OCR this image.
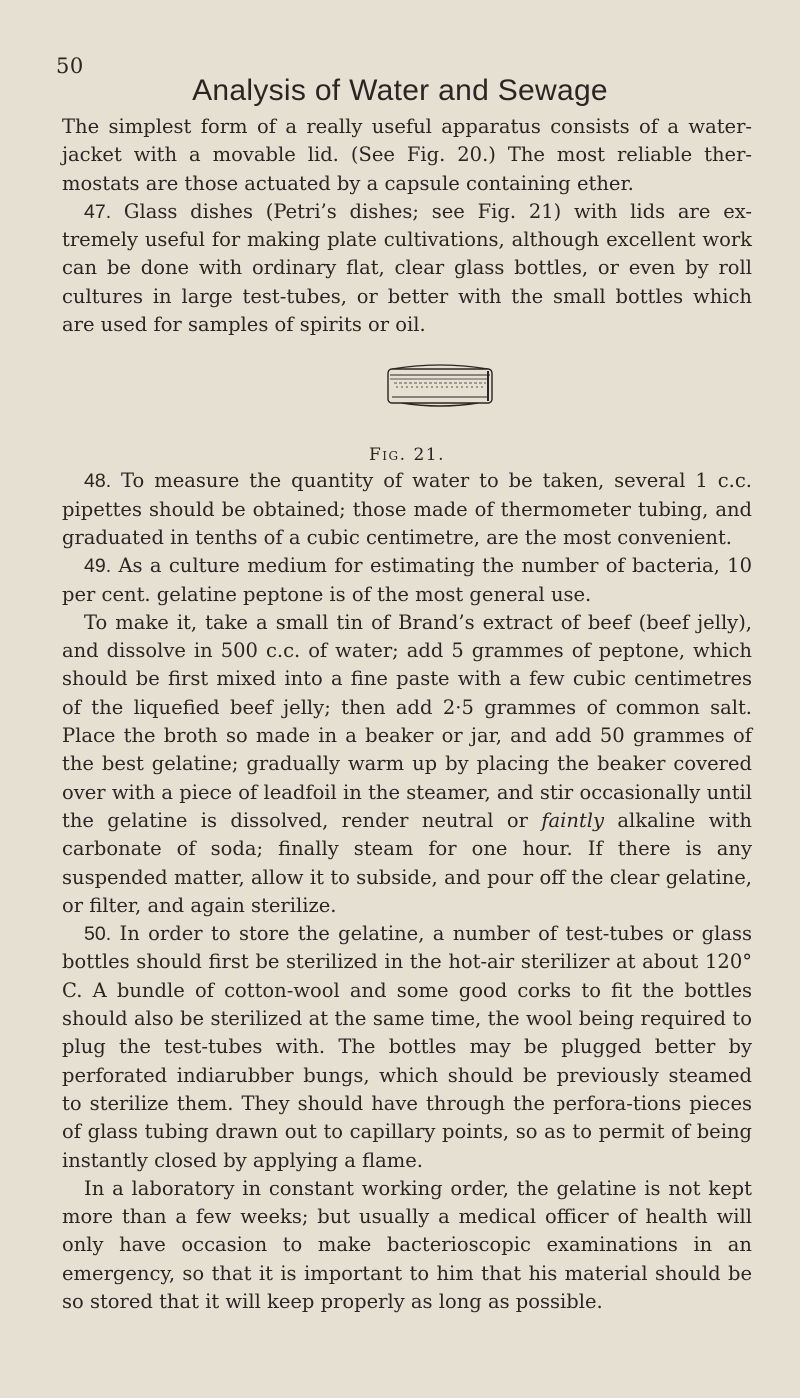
50
Analysis of Water and Sewage

The simplest form of a really useful apparatus consists of a water-jacket with a movable lid. (See Fig. 20.) The most reliable ther-mostats are those actuated by a capsule containing ether.

47. Glass dishes (Petri’s dishes; see Fig. 21) with lids are ex-tremely useful for making plate cultivations, although excellent work can be done with ordinary flat, clear glass bottles, or even by roll cultures in large test-tubes, or better with the small bottles which are used for samples of spirits or oil.

Fig. 21.

48. To measure the quantity of water to be taken, several 1 c.c. pipettes should be obtained; those made of thermometer tubing, and graduated in tenths of a cubic centimetre, are the most convenient.

49. As a culture medium for estimating the number of bacteria, 10 per cent. gelatine peptone is of the most general use.

To make it, take a small tin of Brand’s extract of beef (beef jelly), and dissolve in 500 c.c. of water; add 5 grammes of peptone, which should be first mixed into a fine paste with a few cubic centimetres of the liquefied beef jelly; then add 2·5 grammes of common salt. Place the broth so made in a beaker or jar, and add 50 grammes of the best gelatine; gradually warm up by placing the beaker covered over with a piece of leadfoil in the steamer, and stir occasionally until the gelatine is dissolved, render neutral or faintly alkaline with carbonate of soda; finally steam for one hour. If there is any suspended matter, allow it to subside, and pour off the clear gelatine, or filter, and again sterilize.

50. In order to store the gelatine, a number of test-tubes or glass bottles should first be sterilized in the hot-air sterilizer at about 120° C. A bundle of cotton-wool and some good corks to fit the bottles should also be sterilized at the same time, the wool being required to plug the test-tubes with. The bottles may be plugged better by perforated indiarubber bungs, which should be previously steamed to sterilize them. They should have through the perfora-tions pieces of glass tubing drawn out to capillary points, so as to permit of being instantly closed by applying a flame.

In a laboratory in constant working order, the gelatine is not kept more than a few weeks; but usually a medical officer of health will only have occasion to make bacterioscopic examinations in an emergency, so that it is important to him that his material should be so stored that it will keep properly as long as possible.
